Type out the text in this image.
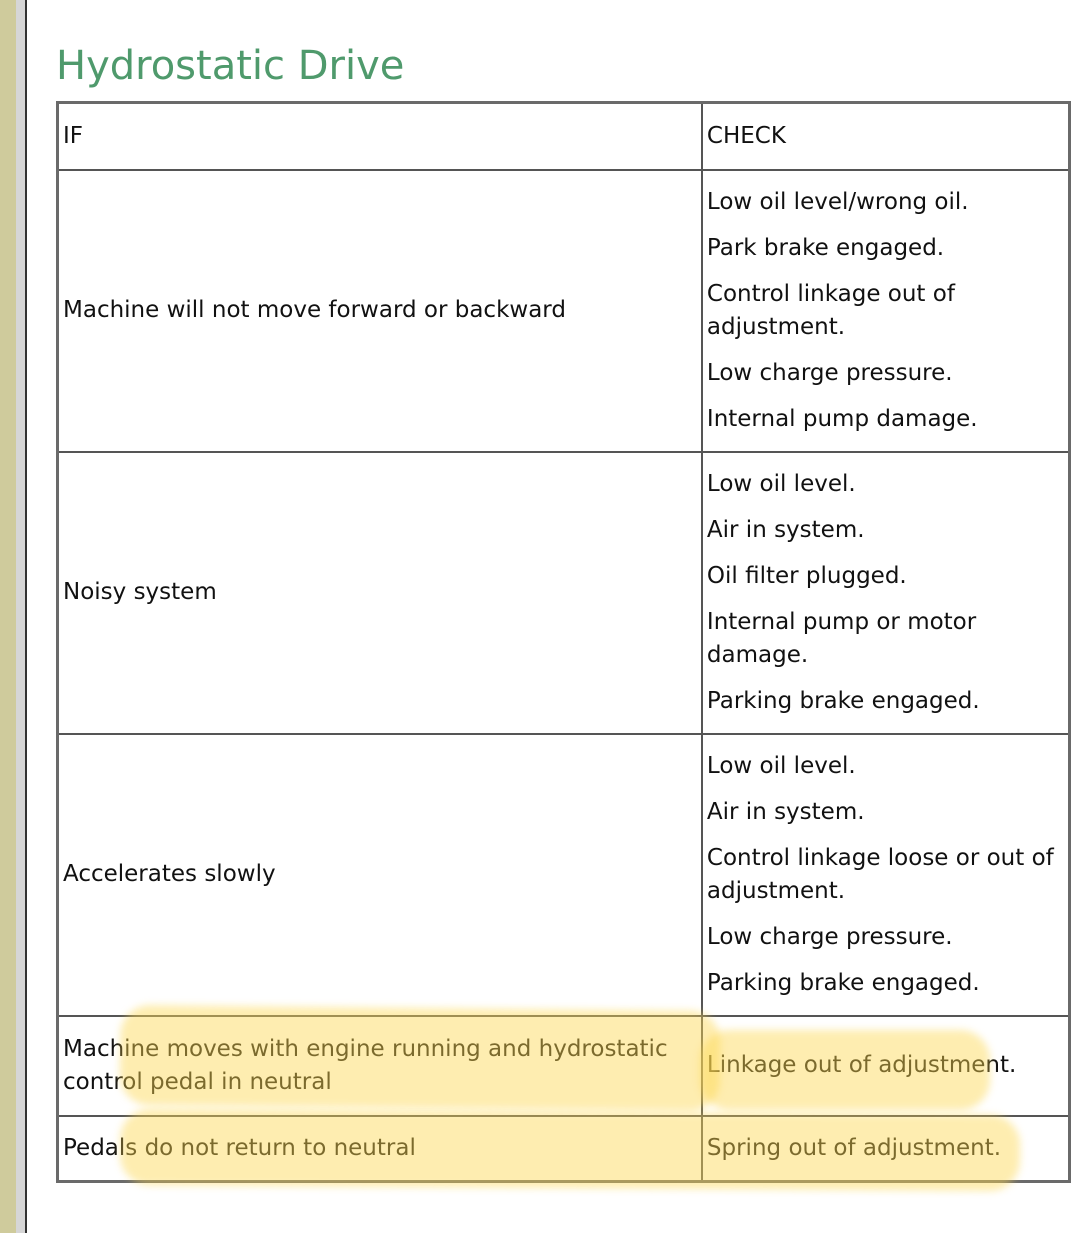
Hydrostatic Drive
IF	CHECK
Machine will not move forward or backward	Low oil level/wrong oil.
Park brake engaged.
Control linkage out of adjustment.
Low charge pressure.
Internal pump damage.

Noisy system	Low oil level.
Air in system.
Oil filter plugged.
Internal pump or motor damage.
Parking brake engaged.

Accelerates slowly	Low oil level.
Air in system.
Control linkage loose or out of adjustment.
Low charge pressure.
Parking brake engaged.

Machine moves with engine running and hydrostatic control pedal in neutral	Linkage out of adjustment.
Pedals do not return to neutral	Spring out of adjustment.
